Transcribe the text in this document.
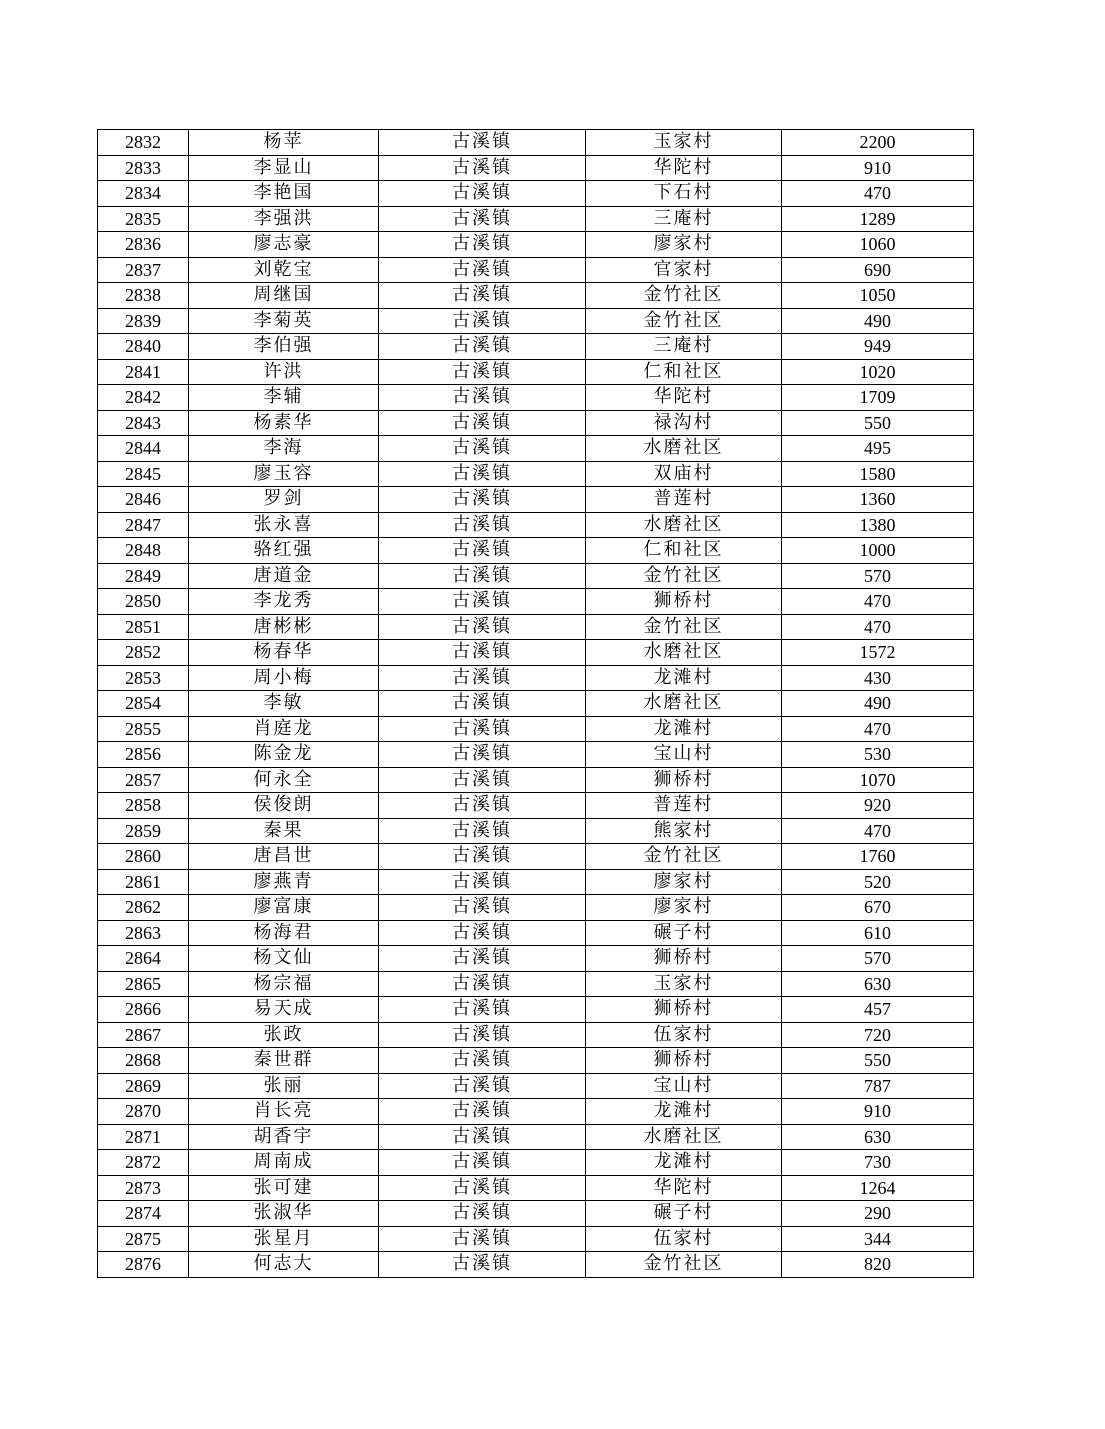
2832	杨苹	古溪镇	玉家村	2200
2833	李显山	古溪镇	华陀村	910
2834	李艳国	古溪镇	下石村	470
2835	李强洪	古溪镇	三庵村	1289
2836	廖志豪	古溪镇	廖家村	1060
2837	刘乾宝	古溪镇	官家村	690
2838	周继国	古溪镇	金竹社区	1050
2839	李菊英	古溪镇	金竹社区	490
2840	李伯强	古溪镇	三庵村	949
2841	许洪	古溪镇	仁和社区	1020
2842	李辅	古溪镇	华陀村	1709
2843	杨素华	古溪镇	禄沟村	550
2844	李海	古溪镇	水磨社区	495
2845	廖玉容	古溪镇	双庙村	1580
2846	罗剑	古溪镇	普莲村	1360
2847	张永喜	古溪镇	水磨社区	1380
2848	骆红强	古溪镇	仁和社区	1000
2849	唐道金	古溪镇	金竹社区	570
2850	李龙秀	古溪镇	狮桥村	470
2851	唐彬彬	古溪镇	金竹社区	470
2852	杨春华	古溪镇	水磨社区	1572
2853	周小梅	古溪镇	龙滩村	430
2854	李敏	古溪镇	水磨社区	490
2855	肖庭龙	古溪镇	龙滩村	470
2856	陈金龙	古溪镇	宝山村	530
2857	何永全	古溪镇	狮桥村	1070
2858	侯俊朗	古溪镇	普莲村	920
2859	秦果	古溪镇	熊家村	470
2860	唐昌世	古溪镇	金竹社区	1760
2861	廖燕青	古溪镇	廖家村	520
2862	廖富康	古溪镇	廖家村	670
2863	杨海君	古溪镇	碾子村	610
2864	杨文仙	古溪镇	狮桥村	570
2865	杨宗福	古溪镇	玉家村	630
2866	易天成	古溪镇	狮桥村	457
2867	张政	古溪镇	伍家村	720
2868	秦世群	古溪镇	狮桥村	550
2869	张丽	古溪镇	宝山村	787
2870	肖长亮	古溪镇	龙滩村	910
2871	胡香宇	古溪镇	水磨社区	630
2872	周南成	古溪镇	龙滩村	730
2873	张可建	古溪镇	华陀村	1264
2874	张淑华	古溪镇	碾子村	290
2875	张星月	古溪镇	伍家村	344
2876	何志大	古溪镇	金竹社区	820
